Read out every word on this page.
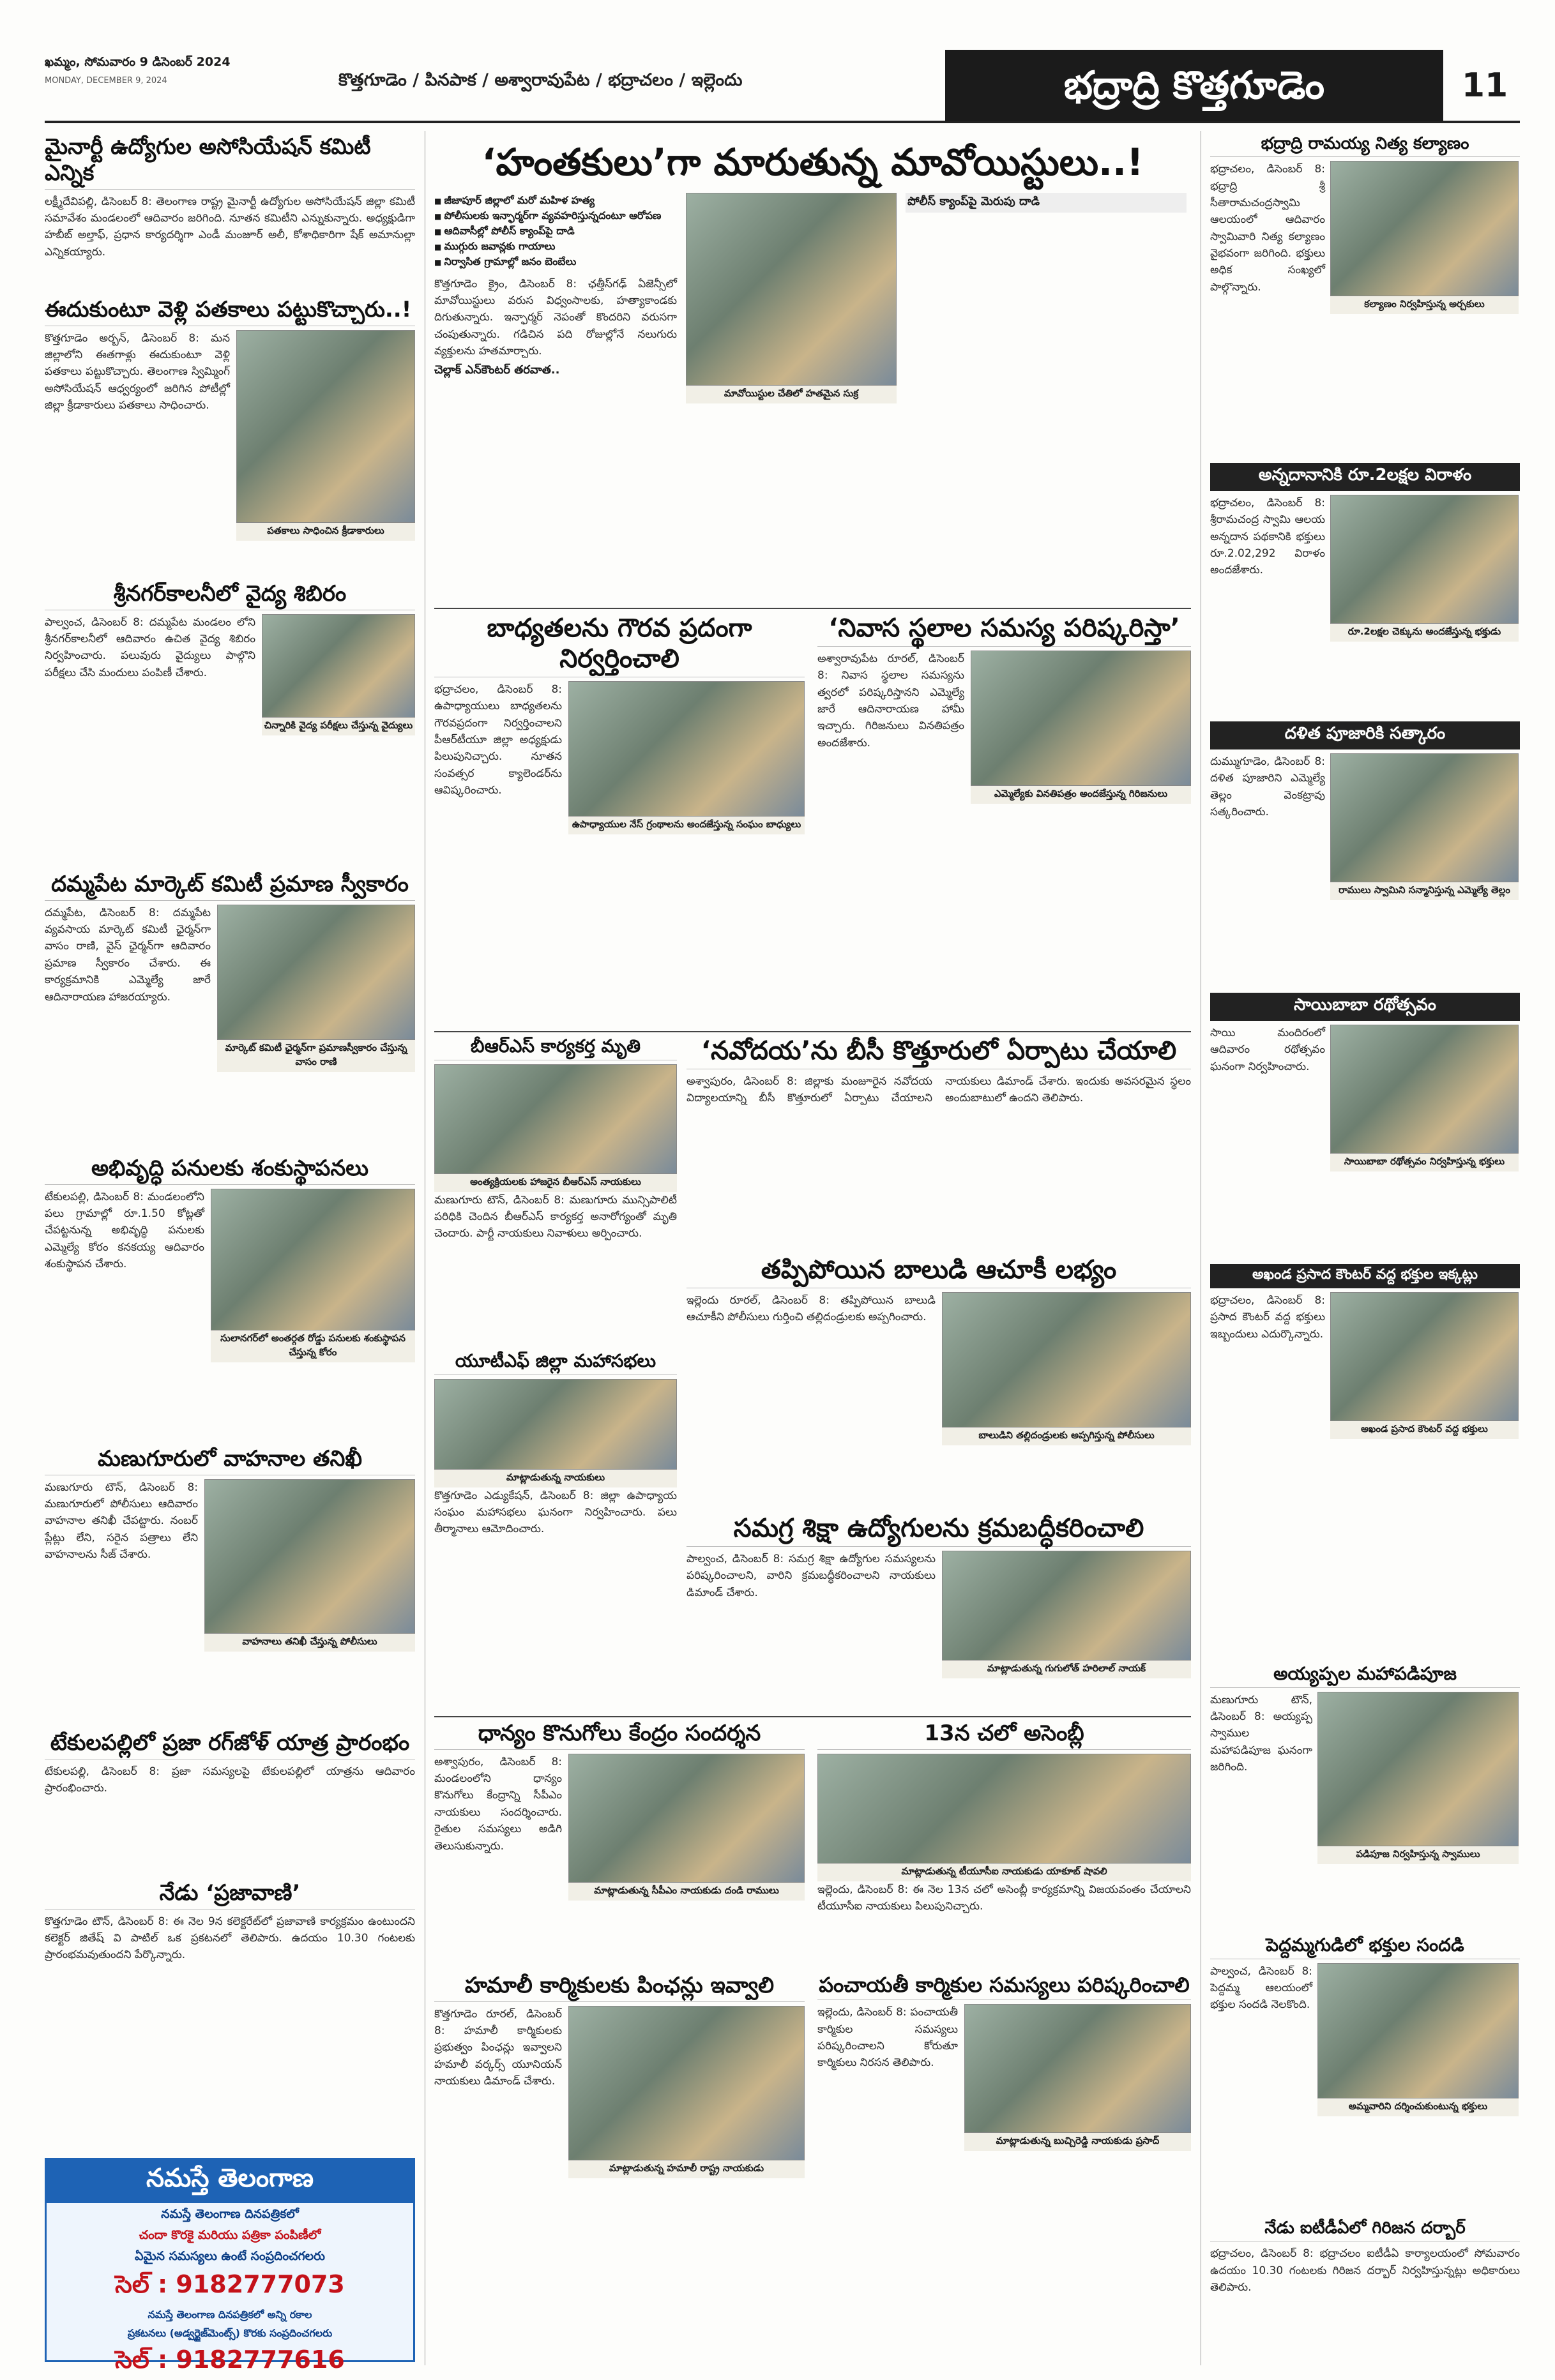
ఖమ్మం, సోమవారం 9 డిసెంబర్ 2024
MONDAY, DECEMBER 9, 2024	కొత్తగూడెం / పినపాక / అశ్వారావుపేట / భద్రాచలం / ఇల్లెందు	భద్రాద్రి కొత్తగూడెం	11
మైనార్టీ ఉద్యోగుల అసోసియేషన్ కమిటీ ఎన్నిక
లక్ష్మీదేవిపల్లి, డిసెంబర్ 8: తెలంగాణ రాష్ట్ర మైనార్టీ ఉద్యోగుల అసోసియేషన్ జిల్లా కమిటీ సమావేశం మండలంలో ఆదివారం జరిగింది. నూతన కమిటీని ఎన్నుకున్నారు. అధ్యక్షుడిగా హబీబ్ అల్తాఫ్, ప్రధాన కార్యదర్శిగా ఎండీ మంజూర్ అలీ, కోశాధికారిగా షేక్ అమానుల్లా ఎన్నికయ్యారు.
ఈదుకుంటూ వెళ్లి పతకాలు పట్టుకొచ్చారు..!
కొత్తగూడెం అర్బన్, డిసెంబర్ 8: మన జిల్లాలోని ఈతగాళ్లు ఈదుకుంటూ వెళ్లి పతకాలు పట్టుకొచ్చారు. తెలంగాణ స్విమ్మింగ్ అసోసియేషన్ ఆధ్వర్యంలో జరిగిన పోటీల్లో జిల్లా క్రీడాకారులు పతకాలు సాధించారు.
పతకాలు సాధించిన క్రీడాకారులు
శ్రీనగర్‌కాలనీలో వైద్య శిబిరం
పాల్వంచ, డిసెంబర్ 8: దమ్మపేట మండలం లోని శ్రీనగర్‌కాలనీలో ఆదివారం ఉచిత వైద్య శిబిరం నిర్వహించారు. పలువురు వైద్యులు పాల్గొని పరీక్షలు చేసి మందులు పంపిణీ చేశారు.
చిన్నారికి వైద్య పరీక్షలు చేస్తున్న వైద్యులు
దమ్మపేట మార్కెట్ కమిటీ ప్రమాణ స్వీకారం
దమ్మపేట, డిసెంబర్ 8: దమ్మపేట వ్యవసాయ మార్కెట్ కమిటీ ఛైర్మన్‌గా వాసం రాణి, వైస్ ఛైర్మన్‌గా ఆదివారం ప్రమాణ స్వీకారం చేశారు. ఈ కార్యక్రమానికి ఎమ్మెల్యే జారే ఆదినారాయణ హాజరయ్యారు.
మార్కెట్ కమిటీ ఛైర్మన్‌గా ప్రమాణస్వీకారం చేస్తున్న వాసం రాణి
అభివృద్ధి పనులకు శంకుస్థాపనలు
టేకులపల్లి, డిసెంబర్ 8: మండలంలోని పలు గ్రామాల్లో రూ.1.50 కోట్లతో చేపట్టనున్న అభివృద్ధి పనులకు ఎమ్మెల్యే కోరం కనకయ్య ఆదివారం శంకుస్థాపన చేశారు.
సులానగర్‌లో అంతర్గత రోడ్డు పనులకు శంకుస్థాపన చేస్తున్న కోరం
మణుగూరులో వాహనాల తనిఖీ
మణుగూరు టౌన్, డిసెంబర్ 8: మణుగూరులో పోలీసులు ఆదివారం వాహనాల తనిఖీ చేపట్టారు. నంబర్ ప్లేట్లు లేని, సరైన పత్రాలు లేని వాహనాలను సీజ్ చేశారు.
వాహనాలు తనిఖీ చేస్తున్న పోలీసులు
టేకులపల్లిలో ప్రజా రగ్‌జోళ్ యాత్ర ప్రారంభం
టేకులపల్లి, డిసెంబర్ 8: ప్రజా సమస్యలపై టేకులపల్లిలో యాత్రను ఆదివారం ప్రారంభించారు.
నేడు ‘ప్రజావాణి’
కొత్తగూడెం టౌన్, డిసెంబర్ 8: ఈ నెల 9న కలెక్టరేట్‌లో ప్రజావాణి కార్యక్రమం ఉంటుందని కలెక్టర్ జితేష్ వి పాటిల్ ఒక ప్రకటనలో తెలిపారు. ఉదయం 10.30 గంటలకు ప్రారంభమవుతుందని పేర్కొన్నారు.
నమస్తే తెలంగాణ
నమస్తే తెలంగాణ దినపత్రికలో
చందా కొరకై మరియు పత్రికా పంపిణీలో
ఏమైన సమస్యలు ఉంటే సంప్రదించగలరు
సెల్ : 9182777073
నమస్తే తెలంగాణ దినపత్రికలో అన్ని రకాల
ప్రకటనలు (అడ్వర్టైజ్‌మెంట్స్) కొరకు సంప్రదించగలరు
సెల్ : 9182777616
‘హంతకులు’గా మారుతున్న మావోయిస్టులు..!
■ జీజాపూర్ జిల్లాలో మరో మహిళ హత్య
■ పోలీసులకు ఇన్ఫార్మర్‌గా వ్యవహరిస్తున్నదంటూ ఆరోపణ
■ ఆదివాసీల్లో పోలీస్ క్యాంప్‌పై దాడి
■ ముగ్గురు జవాన్లకు గాయాలు
■ నిర్వాసిత గ్రామాల్లో జనం బెంబేలు
కొత్తగూడెం క్రైం, డిసెంబర్ 8: ఛత్తీస్‌గఢ్ ఏజెన్సీలో మావోయిస్టులు వరుస విధ్వంసాలకు, హత్యాకాండకు దిగుతున్నారు. ఇన్ఫార్మర్ నెపంతో కొందరిని వరుసగా చంపుతున్నారు. గడిచిన పది రోజుల్లోనే నలుగురు వ్యక్తులను హతమార్చారు.
చెల్లాక్ ఎన్‌కౌంటర్ తరవాత..
మావోయిస్టుల చేతిలో హతమైన సుక్ర
పోలీస్ క్యాంప్‌పై మెరుపు దాడి
బాధ్యతలను గౌరవ ప్రదంగా నిర్వర్తించాలి
భద్రాచలం, డిసెంబర్ 8: ఉపాధ్యాయులు బాధ్యతలను గౌరవప్రదంగా నిర్వర్తించాలని పీఆర్‌టీయూ జిల్లా అధ్యక్షుడు పిలుపునిచ్చారు. నూతన సంవత్సర క్యాలెండర్‌ను ఆవిష్కరించారు.
ఉపాధ్యాయుల నేస్ గ్రంథాలను అందజేస్తున్న సంఘం బాధ్యులు
‘నివాస స్థలాల సమస్య పరిష్కరిస్తా’
అశ్వారావుపేట రూరల్, డిసెంబర్ 8: నివాస స్థలాల సమస్యను త్వరలో పరిష్కరిస్తానని ఎమ్మెల్యే జారే ఆదినారాయణ హామీ ఇచ్చారు. గిరిజనులు వినతిపత్రం అందజేశారు.
ఎమ్మెల్యేకు వినతిపత్రం అందజేస్తున్న గిరిజనులు
బీఆర్ఎస్ కార్యకర్త మృతి
అంత్యక్రియలకు హాజరైన బీఆర్ఎస్ నాయకులు
మణుగూరు టౌన్, డిసెంబర్ 8: మణుగూరు మున్సిపాలిటీ పరిధికి చెందిన బీఆర్ఎస్ కార్యకర్త అనారోగ్యంతో మృతి చెందారు. పార్టీ నాయకులు నివాళులు అర్పించారు.
యూటీఎఫ్ జిల్లా మహాసభలు
మాట్లాడుతున్న నాయకులు
కొత్తగూడెం ఎడ్యుకేషన్, డిసెంబర్ 8: జిల్లా ఉపాధ్యాయ సంఘం మహాసభలు ఘనంగా నిర్వహించారు. పలు తీర్మానాలు ఆమోదించారు.
‘నవోదయ’ను బీసీ కొత్తూరులో ఏర్పాటు చేయాలి
అశ్వాపురం, డిసెంబర్ 8: జిల్లాకు మంజూరైన నవోదయ విద్యాలయాన్ని బీసీ కొత్తూరులో ఏర్పాటు చేయాలని నాయకులు డిమాండ్ చేశారు. ఇందుకు అవసరమైన స్థలం అందుబాటులో ఉందని తెలిపారు.
తప్పిపోయిన బాలుడి ఆచూకీ లభ్యం
ఇల్లెందు రూరల్, డిసెంబర్ 8: తప్పిపోయిన బాలుడి ఆచూకీని పోలీసులు గుర్తించి తల్లిదండ్రులకు అప్పగించారు.
బాలుడిని తల్లిదండ్రులకు అప్పగిస్తున్న పోలీసులు
సమగ్ర శిక్షా ఉద్యోగులను క్రమబద్ధీకరించాలి
పాల్వంచ, డిసెంబర్ 8: సమగ్ర శిక్షా ఉద్యోగుల సమస్యలను పరిష్కరించాలని, వారిని క్రమబద్ధీకరించాలని నాయకులు డిమాండ్ చేశారు.
మాట్లాడుతున్న గుగులోత్ హరిలాల్ నాయక్
ధాన్యం కొనుగోలు కేంద్రం సందర్శన
అశ్వాపురం, డిసెంబర్ 8: మండలంలోని ధాన్యం కొనుగోలు కేంద్రాన్ని సీపీఎం నాయకులు సందర్శించారు. రైతుల సమస్యలు అడిగి తెలుసుకున్నారు.
మాట్లాడుతున్న సీపీఎం నాయకుడు దండి రాములు
13న చలో అసెంబ్లీ
మాట్లాడుతున్న టీయూసీఐ నాయకుడు యాకూబ్ షావలి
ఇల్లెందు, డిసెంబర్ 8: ఈ నెల 13న చలో అసెంబ్లీ కార్యక్రమాన్ని విజయవంతం చేయాలని టీయూసీఐ నాయకులు పిలుపునిచ్చారు.
హమాలీ కార్మికులకు పింఛన్లు ఇవ్వాలి
కొత్తగూడెం రూరల్, డిసెంబర్ 8: హమాలీ కార్మికులకు ప్రభుత్వం పింఛన్లు ఇవ్వాలని హమాలీ వర్కర్స్ యూనియన్ నాయకులు డిమాండ్ చేశారు.
మాట్లాడుతున్న హమాలీ రాష్ట్ర నాయకుడు
పంచాయతీ కార్మికుల సమస్యలు పరిష్కరించాలి
ఇల్లెందు, డిసెంబర్ 8: పంచాయతీ కార్మికుల సమస్యలు పరిష్కరించాలని కోరుతూ కార్మికులు నిరసన తెలిపారు.
మాట్లాడుతున్న బుచ్చిరెడ్డి నాయకుడు ప్రసాద్
భద్రాద్రి రామయ్య నిత్య కల్యాణం
భద్రాచలం, డిసెంబర్ 8: భద్రాద్రి శ్రీ సీతారామచంద్రస్వామి ఆలయంలో ఆదివారం స్వామివారి నిత్య కల్యాణం వైభవంగా జరిగింది. భక్తులు అధిక సంఖ్యలో పాల్గొన్నారు.
కల్యాణం నిర్వహిస్తున్న అర్చకులు
అన్నదానానికి రూ.2లక్షల విరాళం
భద్రాచలం, డిసెంబర్ 8: శ్రీరామచంద్ర స్వామి ఆలయ అన్నదాన పథకానికి భక్తులు రూ.2.02,292 విరాళం అందజేశారు.
రూ.2లక్షల చెక్కును అందజేస్తున్న భక్తుడు
దళిత పూజారికి సత్కారం
దుమ్ముగూడెం, డిసెంబర్ 8: దళిత పూజారిని ఎమ్మెల్యే తెల్లం వెంకట్రావు సత్కరించారు.
రాములు స్వామిని సన్మానిస్తున్న ఎమ్మెల్యే తెల్లం
సాయిబాబా రథోత్సవం
సాయి మందిరంలో ఆదివారం రథోత్సవం ఘనంగా నిర్వహించారు.
సాయిబాబా రథోత్సవం నిర్వహిస్తున్న భక్తులు
అఖండ ప్రసాద కౌంటర్ వద్ద భక్తుల ఇక్కట్లు
భద్రాచలం, డిసెంబర్ 8: ప్రసాద కౌంటర్ వద్ద భక్తులు ఇబ్బందులు ఎదుర్కొన్నారు.
అఖండ ప్రసాద కౌంటర్ వద్ద భక్తులు
అయ్యప్పల మహాపడిపూజ
మణుగూరు టౌన్, డిసెంబర్ 8: అయ్యప్ప స్వాముల మహాపడిపూజ ఘనంగా జరిగింది.
పడిపూజ నిర్వహిస్తున్న స్వాములు
పెద్దమ్మగుడిలో భక్తుల సందడి
పాల్వంచ, డిసెంబర్ 8: పెద్దమ్మ ఆలయంలో భక్తుల సందడి నెలకొంది.
అమ్మవారిని దర్శించుకుంటున్న భక్తులు
నేడు ఐటీడీఏలో గిరిజన దర్బార్
భద్రాచలం, డిసెంబర్ 8: భద్రాచలం ఐటీడీఏ కార్యాలయంలో సోమవారం ఉదయం 10.30 గంటలకు గిరిజన దర్బార్ నిర్వహిస్తున్నట్లు అధికారులు తెలిపారు.
